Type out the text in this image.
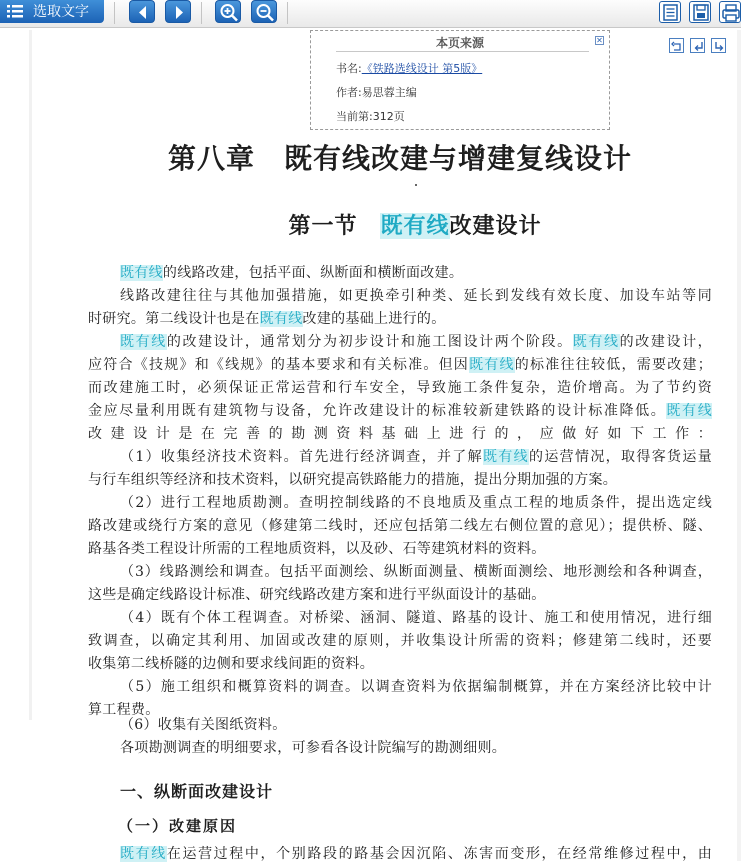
选取文字
本页来源	✕
书名:《铁路选线设计 第5版》
作者:易思蓉主编
当前第:312页
第八章　既有线改建与增建复线设计
第一节　既有线改建设计
既有线的线路改建，包括平面、纵断面和横断面改建。
线路改建往往与其他加强措施，如更换牵引种类、延长到发线有效长度、加设车站等同
时研究。第二线设计也是在既有线改建的基础上进行的。
既有线的改建设计，通常划分为初步设计和施工图设计两个阶段。既有线的改建设计，
应符合《技规》和《线规》的基本要求和有关标准。但因既有线的标准往往较低，需要改建；
而改建施工时，必须保证正常运营和行车安全，导致施工条件复杂，造价增高。为了节约资
金应尽量利用既有建筑物与设备，允许改建设计的标准较新建铁路的设计标准降低。既有线
改建设计是在完善的勘测资料基础上进行的，应做好如下工作：
（1）收集经济技术资料。首先进行经济调查，并了解既有线的运营情况，取得客货运量
与行车组织等经济和技术资料，以研究提高铁路能力的措施，提出分期加强的方案。
（2）进行工程地质勘测。查明控制线路的不良地质及重点工程的地质条件，提出选定线
路改建或绕行方案的意见（修建第二线时，还应包括第二线左右侧位置的意见）；提供桥、隧、
路基各类工程设计所需的工程地质资料，以及砂、石等建筑材料的资料。
（3）线路测绘和调查。包括平面测绘、纵断面测量、横断面测绘、地形测绘和各种调查，
这些是确定线路设计标准、研究线路改建方案和进行平纵面设计的基础。
（4）既有个体工程调查。对桥梁、涵洞、隧道、路基的设计、施工和使用情况，进行细
致调查，以确定其利用、加固或改建的原则，并收集设计所需的资料；修建第二线时，还要
收集第二线桥隧的边侧和要求线间距的资料。
（5）施工组织和概算资料的调查。以调查资料为依据编制概算，并在方案经济比较中计
算工程费。
（6）收集有关图纸资料。
各项勘测调查的明细要求，可参看各设计院编写的勘测细则。
一、纵断面改建设计
（一）改建原因
既有线在运营过程中，个别路段的路基会因沉陷、冻害而变形，在经常维修过程中，由
